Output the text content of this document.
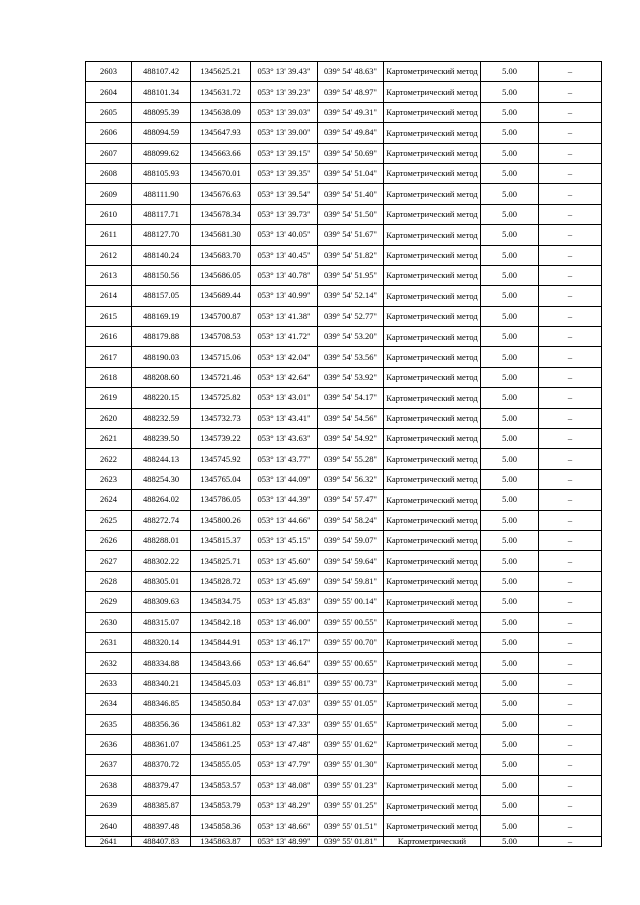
2603	488107.42	1345625.21	053° 13' 39.43"	039° 54' 48.63"	Картометрический метод	5.00	–
2604	488101.34	1345631.72	053° 13' 39.23"	039° 54' 48.97"	Картометрический метод	5.00	–
2605	488095.39	1345638.09	053° 13' 39.03"	039° 54' 49.31"	Картометрический метод	5.00	–
2606	488094.59	1345647.93	053° 13' 39.00"	039° 54' 49.84"	Картометрический метод	5.00	–
2607	488099.62	1345663.66	053° 13' 39.15"	039° 54' 50.69"	Картометрический метод	5.00	–
2608	488105.93	1345670.01	053° 13' 39.35"	039° 54' 51.04"	Картометрический метод	5.00	–
2609	488111.90	1345676.63	053° 13' 39.54"	039° 54' 51.40"	Картометрический метод	5.00	–
2610	488117.71	1345678.34	053° 13' 39.73"	039° 54' 51.50"	Картометрический метод	5.00	–
2611	488127.70	1345681.30	053° 13' 40.05"	039° 54' 51.67"	Картометрический метод	5.00	–
2612	488140.24	1345683.70	053° 13' 40.45"	039° 54' 51.82"	Картометрический метод	5.00	–
2613	488150.56	1345686.05	053° 13' 40.78"	039° 54' 51.95"	Картометрический метод	5.00	–
2614	488157.05	1345689.44	053° 13' 40.99"	039° 54' 52.14"	Картометрический метод	5.00	–
2615	488169.19	1345700.87	053° 13' 41.38"	039° 54' 52.77"	Картометрический метод	5.00	–
2616	488179.88	1345708.53	053° 13' 41.72"	039° 54' 53.20"	Картометрический метод	5.00	–
2617	488190.03	1345715.06	053° 13' 42.04"	039° 54' 53.56"	Картометрический метод	5.00	–
2618	488208.60	1345721.46	053° 13' 42.64"	039° 54' 53.92"	Картометрический метод	5.00	–
2619	488220.15	1345725.82	053° 13' 43.01"	039° 54' 54.17"	Картометрический метод	5.00	–
2620	488232.59	1345732.73	053° 13' 43.41"	039° 54' 54.56"	Картометрический метод	5.00	–
2621	488239.50	1345739.22	053° 13' 43.63"	039° 54' 54.92"	Картометрический метод	5.00	–
2622	488244.13	1345745.92	053° 13' 43.77"	039° 54' 55.28"	Картометрический метод	5.00	–
2623	488254.30	1345765.04	053° 13' 44.09"	039° 54' 56.32"	Картометрический метод	5.00	–
2624	488264.02	1345786.05	053° 13' 44.39"	039° 54' 57.47"	Картометрический метод	5.00	–
2625	488272.74	1345800.26	053° 13' 44.66"	039° 54' 58.24"	Картометрический метод	5.00	–
2626	488288.01	1345815.37	053° 13' 45.15"	039° 54' 59.07"	Картометрический метод	5.00	–
2627	488302.22	1345825.71	053° 13' 45.60"	039° 54' 59.64"	Картометрический метод	5.00	–
2628	488305.01	1345828.72	053° 13' 45.69"	039° 54' 59.81"	Картометрический метод	5.00	–
2629	488309.63	1345834.75	053° 13' 45.83"	039° 55' 00.14"	Картометрический метод	5.00	–
2630	488315.07	1345842.18	053° 13' 46.00"	039° 55' 00.55"	Картометрический метод	5.00	–
2631	488320.14	1345844.91	053° 13' 46.17"	039° 55' 00.70"	Картометрический метод	5.00	–
2632	488334.88	1345843.66	053° 13' 46.64"	039° 55' 00.65"	Картометрический метод	5.00	–
2633	488340.21	1345845.03	053° 13' 46.81"	039° 55' 00.73"	Картометрический метод	5.00	–
2634	488346.85	1345850.84	053° 13' 47.03"	039° 55' 01.05"	Картометрический метод	5.00	–
2635	488356.36	1345861.82	053° 13' 47.33"	039° 55' 01.65"	Картометрический метод	5.00	–
2636	488361.07	1345861.25	053° 13' 47.48"	039° 55' 01.62"	Картометрический метод	5.00	–
2637	488370.72	1345855.05	053° 13' 47.79"	039° 55' 01.30"	Картометрический метод	5.00	–
2638	488379.47	1345853.57	053° 13' 48.08"	039° 55' 01.23"	Картометрический метод	5.00	–
2639	488385.87	1345853.79	053° 13' 48.29"	039° 55' 01.25"	Картометрический метод	5.00	–
2640	488397.48	1345858.36	053° 13' 48.66"	039° 55' 01.51"	Картометрический метод	5.00	–
2641	488407.83	1345863.87	053° 13' 48.99"	039° 55' 01.81"	Картометрический	5.00	–
